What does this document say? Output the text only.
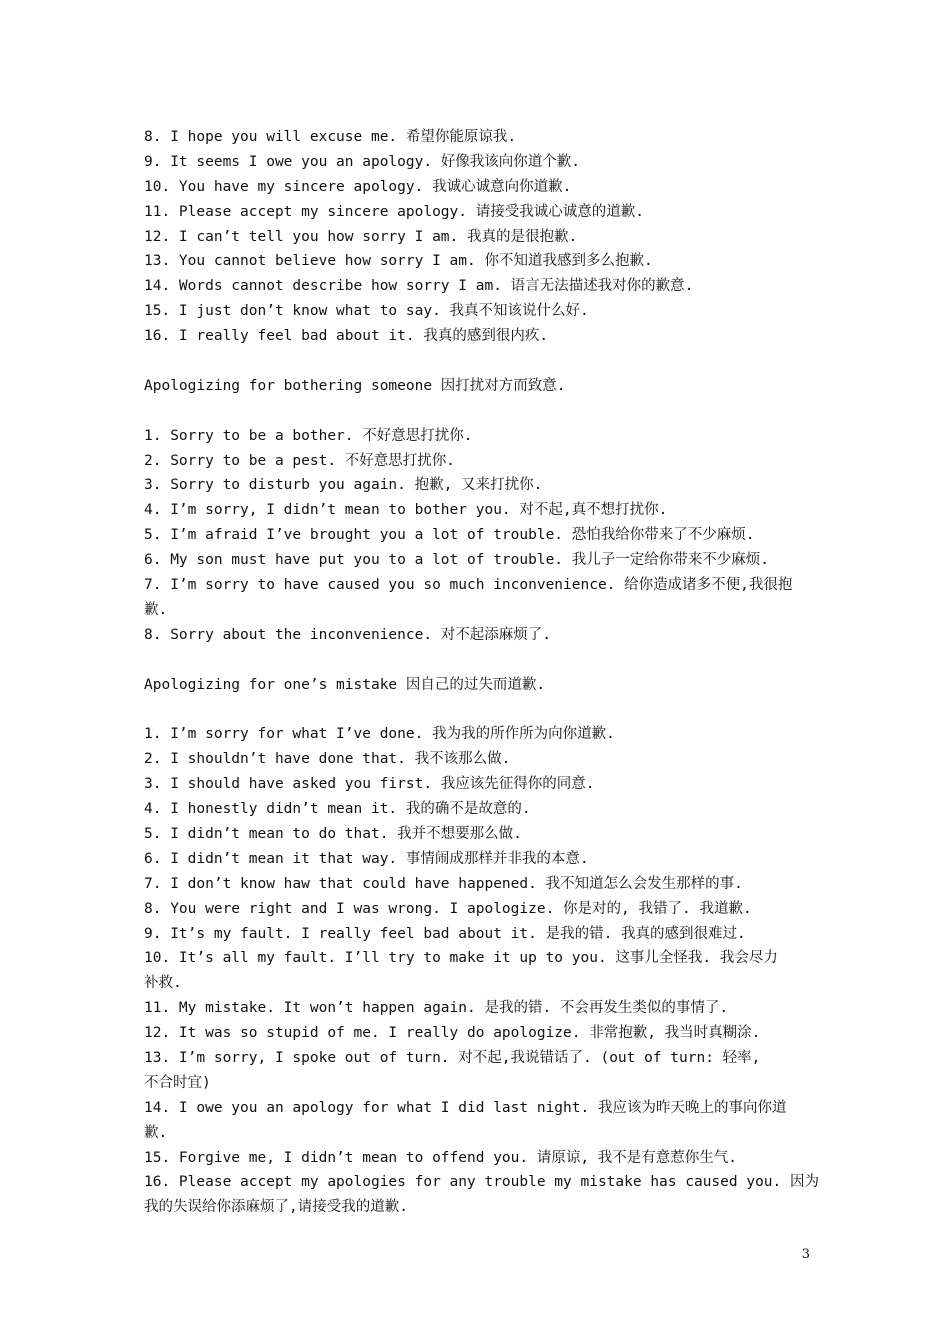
8. I hope you will excuse me. 希望你能原谅我.
9. It seems I owe you an apology. 好像我该向你道个歉.
10. You have my sincere apology. 我诚心诚意向你道歉.
11. Please accept my sincere apology. 请接受我诚心诚意的道歉.
12. I can’t tell you how sorry I am. 我真的是很抱歉.
13. You cannot believe how sorry I am. 你不知道我感到多么抱歉.
14. Words cannot describe how sorry I am. 语言无法描述我对你的歉意.
15. I just don’t know what to say. 我真不知该说什么好.
16. I really feel bad about it. 我真的感到很内疚.
Apologizing for bothering someone 因打扰对方而致意.
1. Sorry to be a bother. 不好意思打扰你.
2. Sorry to be a pest. 不好意思打扰你.
3. Sorry to disturb you again. 抱歉, 又来打扰你.
4. I’m sorry, I didn’t mean to bother you. 对不起,真不想打扰你.
5. I’m afraid I’ve brought you a lot of trouble. 恐怕我给你带来了不少麻烦.
6. My son must have put you to a lot of trouble. 我儿子一定给你带来不少麻烦.
7. I’m sorry to have caused you so much inconvenience. 给你造成诸多不便,我很抱
歉.
8. Sorry about the inconvenience. 对不起添麻烦了.
Apologizing for one’s mistake 因自己的过失而道歉.
1. I’m sorry for what I’ve done. 我为我的所作所为向你道歉.
2. I shouldn’t have done that. 我不该那么做.
3. I should have asked you first. 我应该先征得你的同意.
4. I honestly didn’t mean it. 我的确不是故意的.
5. I didn’t mean to do that. 我并不想要那么做.
6. I didn’t mean it that way. 事情闹成那样并非我的本意.
7. I don’t know haw that could have happened. 我不知道怎么会发生那样的事.
8. You were right and I was wrong. I apologize. 你是对的, 我错了. 我道歉.
9. It’s my fault. I really feel bad about it. 是我的错. 我真的感到很难过.
10. It’s all my fault. I’ll try to make it up to you. 这事儿全怪我. 我会尽力
补救.
11. My mistake. It won’t happen again. 是我的错. 不会再发生类似的事情了.
12. It was so stupid of me. I really do apologize. 非常抱歉, 我当时真糊涂.
13. I’m sorry, I spoke out of turn. 对不起,我说错话了. (out of turn: 轻率,
不合时宜)
14. I owe you an apology for what I did last night. 我应该为昨天晚上的事向你道
歉.
15. Forgive me, I didn’t mean to offend you. 请原谅, 我不是有意惹你生气.
16. Please accept my apologies for any trouble my mistake has caused you. 因为
我的失误给你添麻烦了,请接受我的道歉.
3
